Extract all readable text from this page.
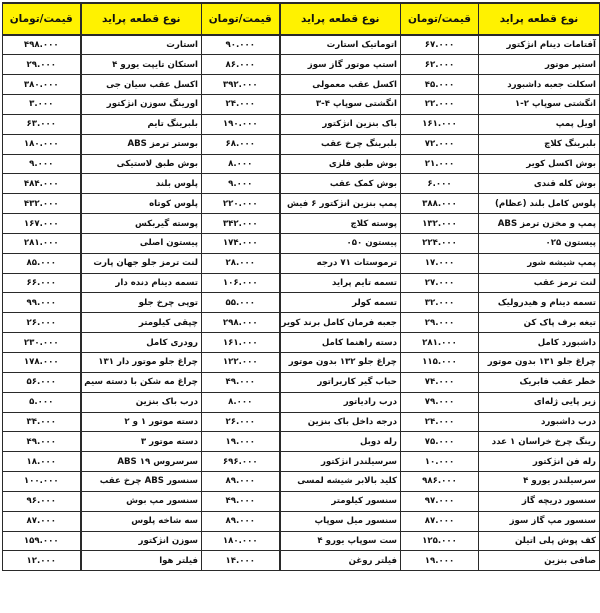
قیمت/تومان	نوع قطعه پراید	قیمت/تومان	نوع قطعه پراید	قیمت/تومان	نوع قطعه پراید
۴۹۸.۰۰۰	استارت	۹۰.۰۰۰	اتوماتیک استارت	۶۷.۰۰۰	آفتامات دینام انژکتور
۲۹.۰۰۰	استکان تایپت یورو ۴	۸۶.۰۰۰	استپ موتور گاز سوز	۶۲.۰۰۰	استپر موتور
۳۸۰.۰۰۰	اکسل عقب سیان جی	۳۹۲.۰۰۰	اکسل عقب معمولی	۴۵.۰۰۰	اسکلت جعبه داشبورد
۳.۰۰۰	اورینگ سوزن انژکتور	۲۴.۰۰۰	انگشتی سوپاپ ۴-۳	۲۲.۰۰۰	انگشتی سوپاپ ۲-۱
۶۳.۰۰۰	بلبرینگ تایم	۱۹۰.۰۰۰	باک بنزین انژکتور	۱۶۱.۰۰۰	اویل پمپ
۱۸۰.۰۰۰	بوستر ترمز ABS	۶۸.۰۰۰	بلبرینگ چرخ عقب	۷۲.۰۰۰	بلبرینگ کلاچ
۹.۰۰۰	بوش طبق لاستیکی	۸.۰۰۰	بوش طبق فلزی	۲۱.۰۰۰	بوش اکسل کویر
۴۸۴.۰۰۰	پلوس بلند	۹.۰۰۰	بوش کمک عقب	۶.۰۰۰	بوش کله قندی
۴۳۲.۰۰۰	پلوس کوتاه	۲۲۰.۰۰۰	پمپ بنزین انژکتور ۶ فیش	۳۸۸.۰۰۰	پلوس کامل بلند (عظام)
۱۶۷.۰۰۰	پوسته گیربکس	۳۴۲.۰۰۰	پوسته کلاچ	۱۳۲.۰۰۰	پمپ و مخزن ترمز ABS
۲۸۱.۰۰۰	پیستون اصلی	۱۷۴.۰۰۰	پیستون ۰۵۰	۲۲۴.۰۰۰	پیستون ۰۲۵
۸۵.۰۰۰	لنت ترمز جلو جهان پارت	۲۸.۰۰۰	ترموستات ۷۱ درجه	۱۷.۰۰۰	پمپ شیشه شور
۶۶.۰۰۰	تسمه دینام دنده دار	۱۰۶.۰۰۰	تسمه تایم پراید	۲۷.۰۰۰	لنت ترمز عقب
۹۹.۰۰۰	توپی چرخ جلو	۵۵.۰۰۰	تسمه کولر	۳۲.۰۰۰	تسمه دینام و هیدرولیک
۲۶.۰۰۰	چپقی کیلومتر	۲۹۸.۰۰۰	جعبه فرمان کامل برند کویر	۲۹.۰۰۰	تیغه برف پاک کن
۲۳۰.۰۰۰	رودری کامل	۱۶۱.۰۰۰	دسته راهنما کامل	۲۸۱.۰۰۰	داشبورد کامل
۱۷۸.۰۰۰	چراغ جلو موتور دار ۱۳۱	۱۲۲.۰۰۰	چراغ جلو ۱۳۲ بدون موتور	۱۱۵.۰۰۰	چراغ جلو ۱۳۱ بدون موتور
۵۶.۰۰۰	چراغ مه شکن با دسته سیم	۴۹.۰۰۰	حباب گیر کاربراتور	۷۴.۰۰۰	خطر عقب فابریک
۵.۰۰۰	درب باک بنزین	۸.۰۰۰	درب رادیاتور	۷۹.۰۰۰	زیر پایی ژله‌ای
۳۴.۰۰۰	دسته موتور ۱ و ۲	۲۶.۰۰۰	درجه داخل باک بنزین	۲۴.۰۰۰	درب داشبورد
۴۹.۰۰۰	دسته موتور ۳	۱۹.۰۰۰	رله دوبل	۷۵.۰۰۰	رینگ چرخ خراسان ۱ عدد
۱۸.۰۰۰	سرسروس ۱۹ ABS	۶۹۶.۰۰۰	سرسیلندر انژکتور	۱۰.۰۰۰	رله فن انژکتور
۱۰۰.۰۰۰	سنسور ABS چرخ عقب	۸۹.۰۰۰	کلید بالابر شیشه لمسی	۹۸۶.۰۰۰	سرسیلندر یورو ۴
۹۶.۰۰۰	سنسور مپ بوش	۴۹.۰۰۰	سنسور کیلومتر	۹۷.۰۰۰	سنسور دریچه گاز
۸۷.۰۰۰	سه شاخه پلوس	۸۹.۰۰۰	سنسور میل سوپاپ	۸۷.۰۰۰	سنسور مپ گاز سوز
۱۵۹.۰۰۰	سوزن انژکتور	۱۸۰.۰۰۰	ست سوپاپ یورو ۴	۱۲۵.۰۰۰	کف پوش پلی اتیلن
۱۲.۰۰۰	فیلتر هوا	۱۴.۰۰۰	فیلتر روغن	۱۹.۰۰۰	صافی بنزین
